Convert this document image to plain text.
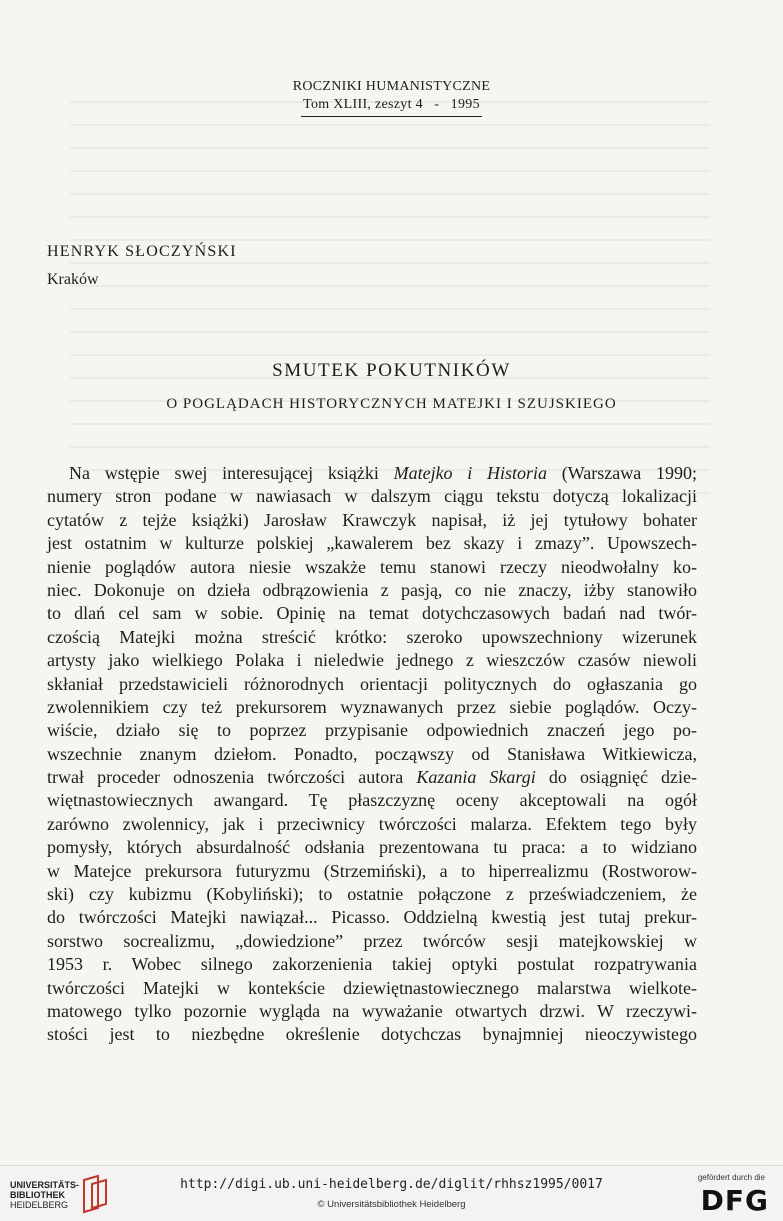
ROCZNIKI HUMANISTYCZNE
Tom XLIII, zeszyt 4   -   1995
HENRYK SŁOCZYŃSKI
Kraków
SMUTEK POKUTNIKÓW
O POGLĄDACH HISTORYCZNYCH MATEJKI I SZUJSKIEGO
Na wstępie swej interesującej książki Matejko i Historia (Warszawa 1990;
numery stron podane w nawiasach w dalszym ciągu tekstu dotyczą lokalizacji
cytatów z tejże książki) Jarosław Krawczyk napisał, iż jej tytułowy bohater
jest ostatnim w kulturze polskiej „kawalerem bez skazy i zmazy”. Upowszech-
nienie poglądów autora niesie wszakże temu stanowi rzeczy nieodwołalny ko-
niec. Dokonuje on dzieła odbrązowienia z pasją, co nie znaczy, iżby stanowiło
to dlań cel sam w sobie. Opinię na temat dotychczasowych badań nad twór-
czością Matejki można streścić krótko: szeroko upowszechniony wizerunek
artysty jako wielkiego Polaka i nieledwie jednego z wieszczów czasów niewoli
skłaniał przedstawicieli różnorodnych orientacji politycznych do ogłaszania go
zwolennikiem czy też prekursorem wyznawanych przez siebie poglądów. Oczy-
wiście, działo się to poprzez przypisanie odpowiednich znaczeń jego po-
wszechnie znanym dziełom. Ponadto, począwszy od Stanisława Witkiewicza,
trwał proceder odnoszenia twórczości autora Kazania Skargi do osiągnięć dzie-
więtnastowiecznych awangard. Tę płaszczyznę oceny akceptowali na ogół
zarówno zwolennicy, jak i przeciwnicy twórczości malarza. Efektem tego były
pomysły, których absurdalność odsłania prezentowana tu praca: a to widziano
w Matejce prekursora futuryzmu (Strzemiński), a to hiperrealizmu (Rostworow-
ski) czy kubizmu (Kobyliński); to ostatnie połączone z przeświadczeniem, że
do twórczości Matejki nawiązał... Picasso. Oddzielną kwestią jest tutaj prekur-
sorstwo socrealizmu, „dowiedzione” przez twórców sesji matejkowskiej w
1953 r. Wobec silnego zakorzenienia takiej optyki postulat rozpatrywania
twórczości Matejki w kontekście dziewiętnastowiecznego malarstwa wielkote-
matowego tylko pozornie wygląda na wyważanie otwartych drzwi. W rzeczywi-
stości jest to niezbędne określenie dotychczas bynajmniej nieoczywistego
UNIVERSITÄTS-
BIBLIOTHEK
HEIDELBERG
http://digi.ub.uni-heidelberg.de/diglit/rhhsz1995/0017
© Universitätsbibliothek Heidelberg
gefördert durch die
DFG
